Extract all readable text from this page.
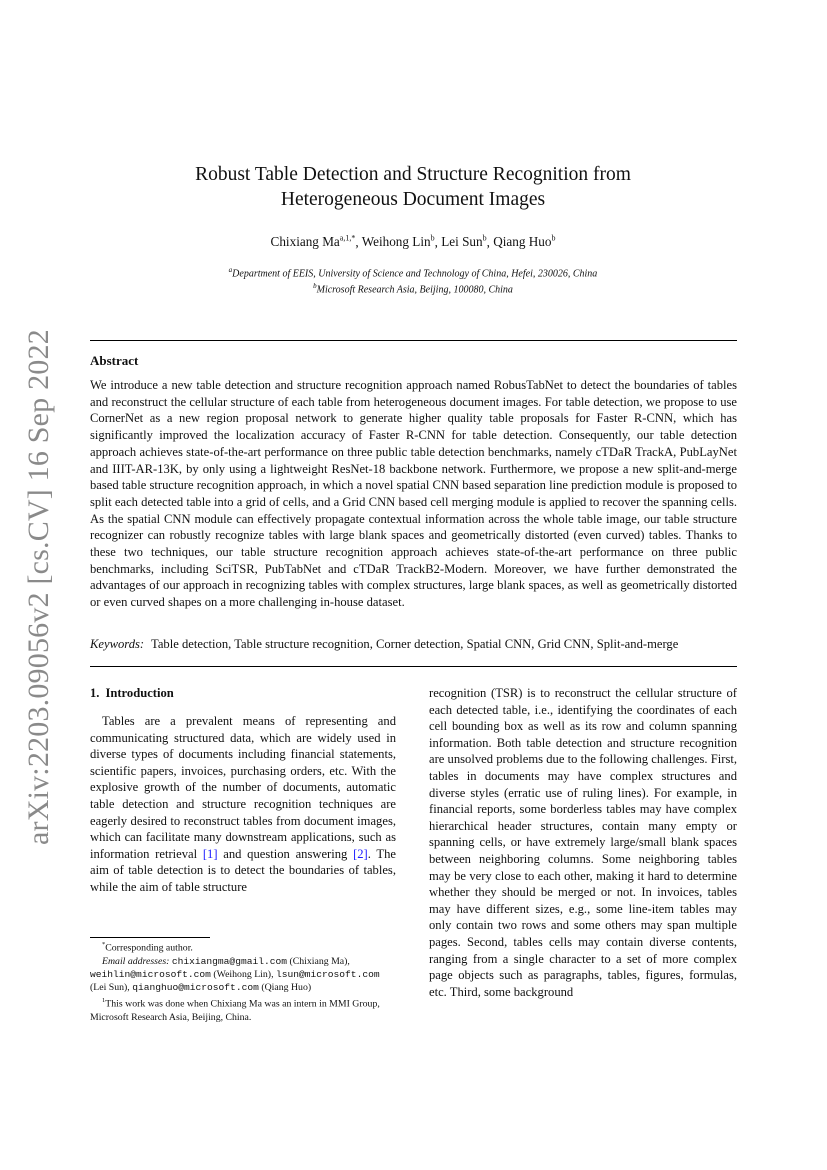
arXiv:2203.09056v2 [cs.CV] 16 Sep 2022
Robust Table Detection and Structure Recognition from
Heterogeneous Document Images
Chixiang $Ma^{a,1,*}$, Weihong Lin$^b$, Lei Sun$^b$, Qiang Huo$^b$
$^a$Department of EEIS, University of Science and Technology of China, Hefei, 230026, China
$^b$Microsoft Research Asia, Beijing, 100080, China
Abstract
We introduce a new table detection and structure recognition approach named RobusTabNet to detect the boundaries of tables and reconstruct the cellular structure of each table from heterogeneous document images. For table detection, we propose to use CornerNet as a new region proposal network to generate higher quality table proposals for Faster R-CNN, which has significantly improved the localization accuracy of Faster R-CNN for table detection. Consequently, our table detection approach achieves state-of-the-art performance on three public table detection benchmarks, namely cTDaR TrackA, PubLayNet and IIIT-AR-13K, by only using a lightweight ResNet-18 backbone network. Furthermore, we propose a new split-and-merge based table structure recognition approach, in which a novel spatial CNN based separation line prediction module is proposed to split each detected table into a grid of cells, and a Grid CNN based cell merging module is applied to recover the spanning cells. As the spatial CNN module can effectively propagate contextual information across the whole table image, our table structure recognizer can robustly recognize tables with large blank spaces and geometrically distorted (even curved) tables. Thanks to these two techniques, our table structure recognition approach achieves state-of-the-art performance on three public benchmarks, including SciTSR, PubTabNet and cTDaR TrackB2-Modern. Moreover, we have further demonstrated the advantages of our approach in recognizing tables with complex structures, large blank spaces, as well as geometrically distorted or even curved shapes on a more challenging in-house dataset.
Keywords: Table detection, Table structure recognition, Corner detection, Spatial CNN, Grid CNN, Split-and-merge
1. Introduction
Tables are a prevalent means of representing and communicating structured data, which are widely used in diverse types of documents including financial statements, scientific papers, invoices, purchasing orders, etc. With the explosive growth of the number of documents, automatic table detection and structure recognition techniques are eagerly desired to reconstruct tables from document images, which can facilitate many downstream applications, such as information retrieval [1] and question answering [2]. The aim of table detection is to detect the boundaries of tables, while the aim of table structure
recognition (TSR) is to reconstruct the cellular structure of each detected table, i.e., identifying the coordinates of each cell bounding box as well as its row and column spanning information. Both table detection and structure recognition are unsolved problems due to the following challenges. First, tables in documents may have complex structures and diverse styles (erratic use of ruling lines). For example, in financial reports, some borderless tables may have complex hierarchical header structures, contain many empty or spanning cells, or have extremely large/small blank spaces between neighboring columns. Some neighboring tables may be very close to each other, making it hard to determine whether they should be merged or not. In invoices, tables may have different sizes, e.g., some line-item tables may only contain two rows and some others may span multiple pages. Second, tables cells may contain diverse contents, ranging from a single character to a set of more complex page objects such as paragraphs, tables, figures, formulas, etc. Third, some background

*Corresponding author.

Email addresses: chixiangma@gmail.com (Chixiang Ma), weihlin@microsoft.com (Weihong Lin), lsun@microsoft.com (Lei Sun), qianghuo@microsoft.com (Qiang Huo)

$^1$This work was done when Chixiang Ma was an intern in MMI Group, Microsoft Research Asia, Beijing, China.
